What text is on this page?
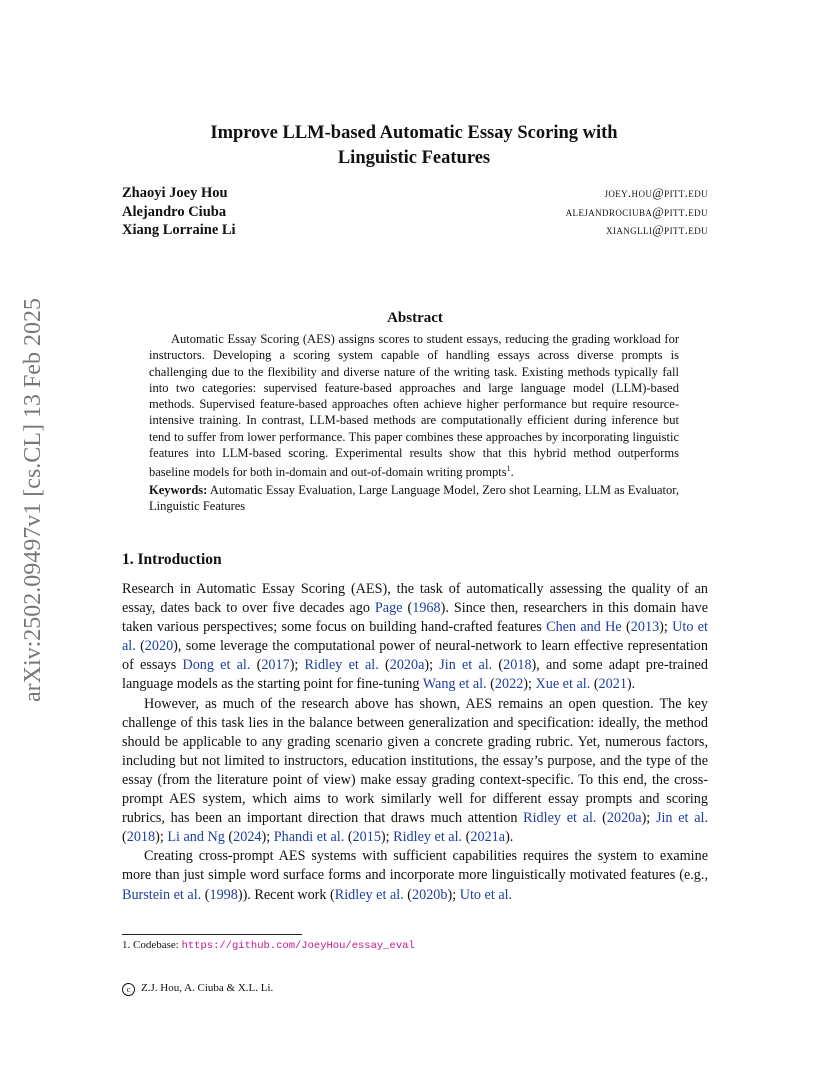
arXiv:2502.09497v1 [cs.CL] 13 Feb 2025
Improve LLM-based Automatic Essay Scoring with
Linguistic Features
Zhaoyi Joey Hou	joey.hou@pitt.edu
Alejandro Ciuba	alejandrociuba@pitt.edu
Xiang Lorraine Li	xianglli@pitt.edu
Abstract

Automatic Essay Scoring (AES) assigns scores to student essays, reducing the grading workload for instructors. Developing a scoring system capable of handling essays across diverse prompts is challenging due to the flexibility and diverse nature of the writing task. Existing methods typically fall into two categories: supervised feature-based approaches and large language model (LLM)-based methods. Supervised feature-based approaches often achieve higher performance but require resource-intensive training. In contrast, LLM-based methods are computationally efficient during inference but tend to suffer from lower performance. This paper combines these approaches by incorporating linguistic features into LLM-based scoring. Experimental results show that this hybrid method outperforms baseline models for both in-domain and out-of-domain writing prompts$^1$.

Keywords: Automatic Essay Evaluation, Large Language Model, Zero shot Learning, LLM as Evaluator, Linguistic Features
1. Introduction

Research in Automatic Essay Scoring (AES), the task of automatically assessing the quality of an essay, dates back to over five decades ago Page (1968). Since then, researchers in this domain have taken various perspectives; some focus on building hand-crafted features Chen and He (2013); Uto et al. (2020), some leverage the computational power of neural-network to learn effective representation of essays Dong et al. (2017); Ridley et al. (2020a); Jin et al. (2018), and some adapt pre-trained language models as the starting point for fine-tuning Wang et al. (2022); Xue et al. (2021).

However, as much of the research above has shown, AES remains an open question. The key challenge of this task lies in the balance between generalization and specification: ideally, the method should be applicable to any grading scenario given a concrete grading rubric. Yet, numerous factors, including but not limited to instructors, education institutions, the essay’s purpose, and the type of the essay (from the literature point of view) make essay grading context-specific. To this end, the cross-prompt AES system, which aims to work similarly well for different essay prompts and scoring rubrics, has been an important direction that draws much attention Ridley et al. (2020a); Jin et al. (2018); Li and Ng (2024); Phandi et al. (2015); Ridley et al. (2021a).

Creating cross-prompt AES systems with sufficient capabilities requires the system to examine more than just simple word surface forms and incorporate more linguistically motivated features (e.g., Burstein et al. (1998)). Recent work (Ridley et al. (2020b); Uto et al.

1. Codebase: https://github.com/JoeyHou/essay_eval
c Z.J. Hou, A. Ciuba & X.L. Li.
